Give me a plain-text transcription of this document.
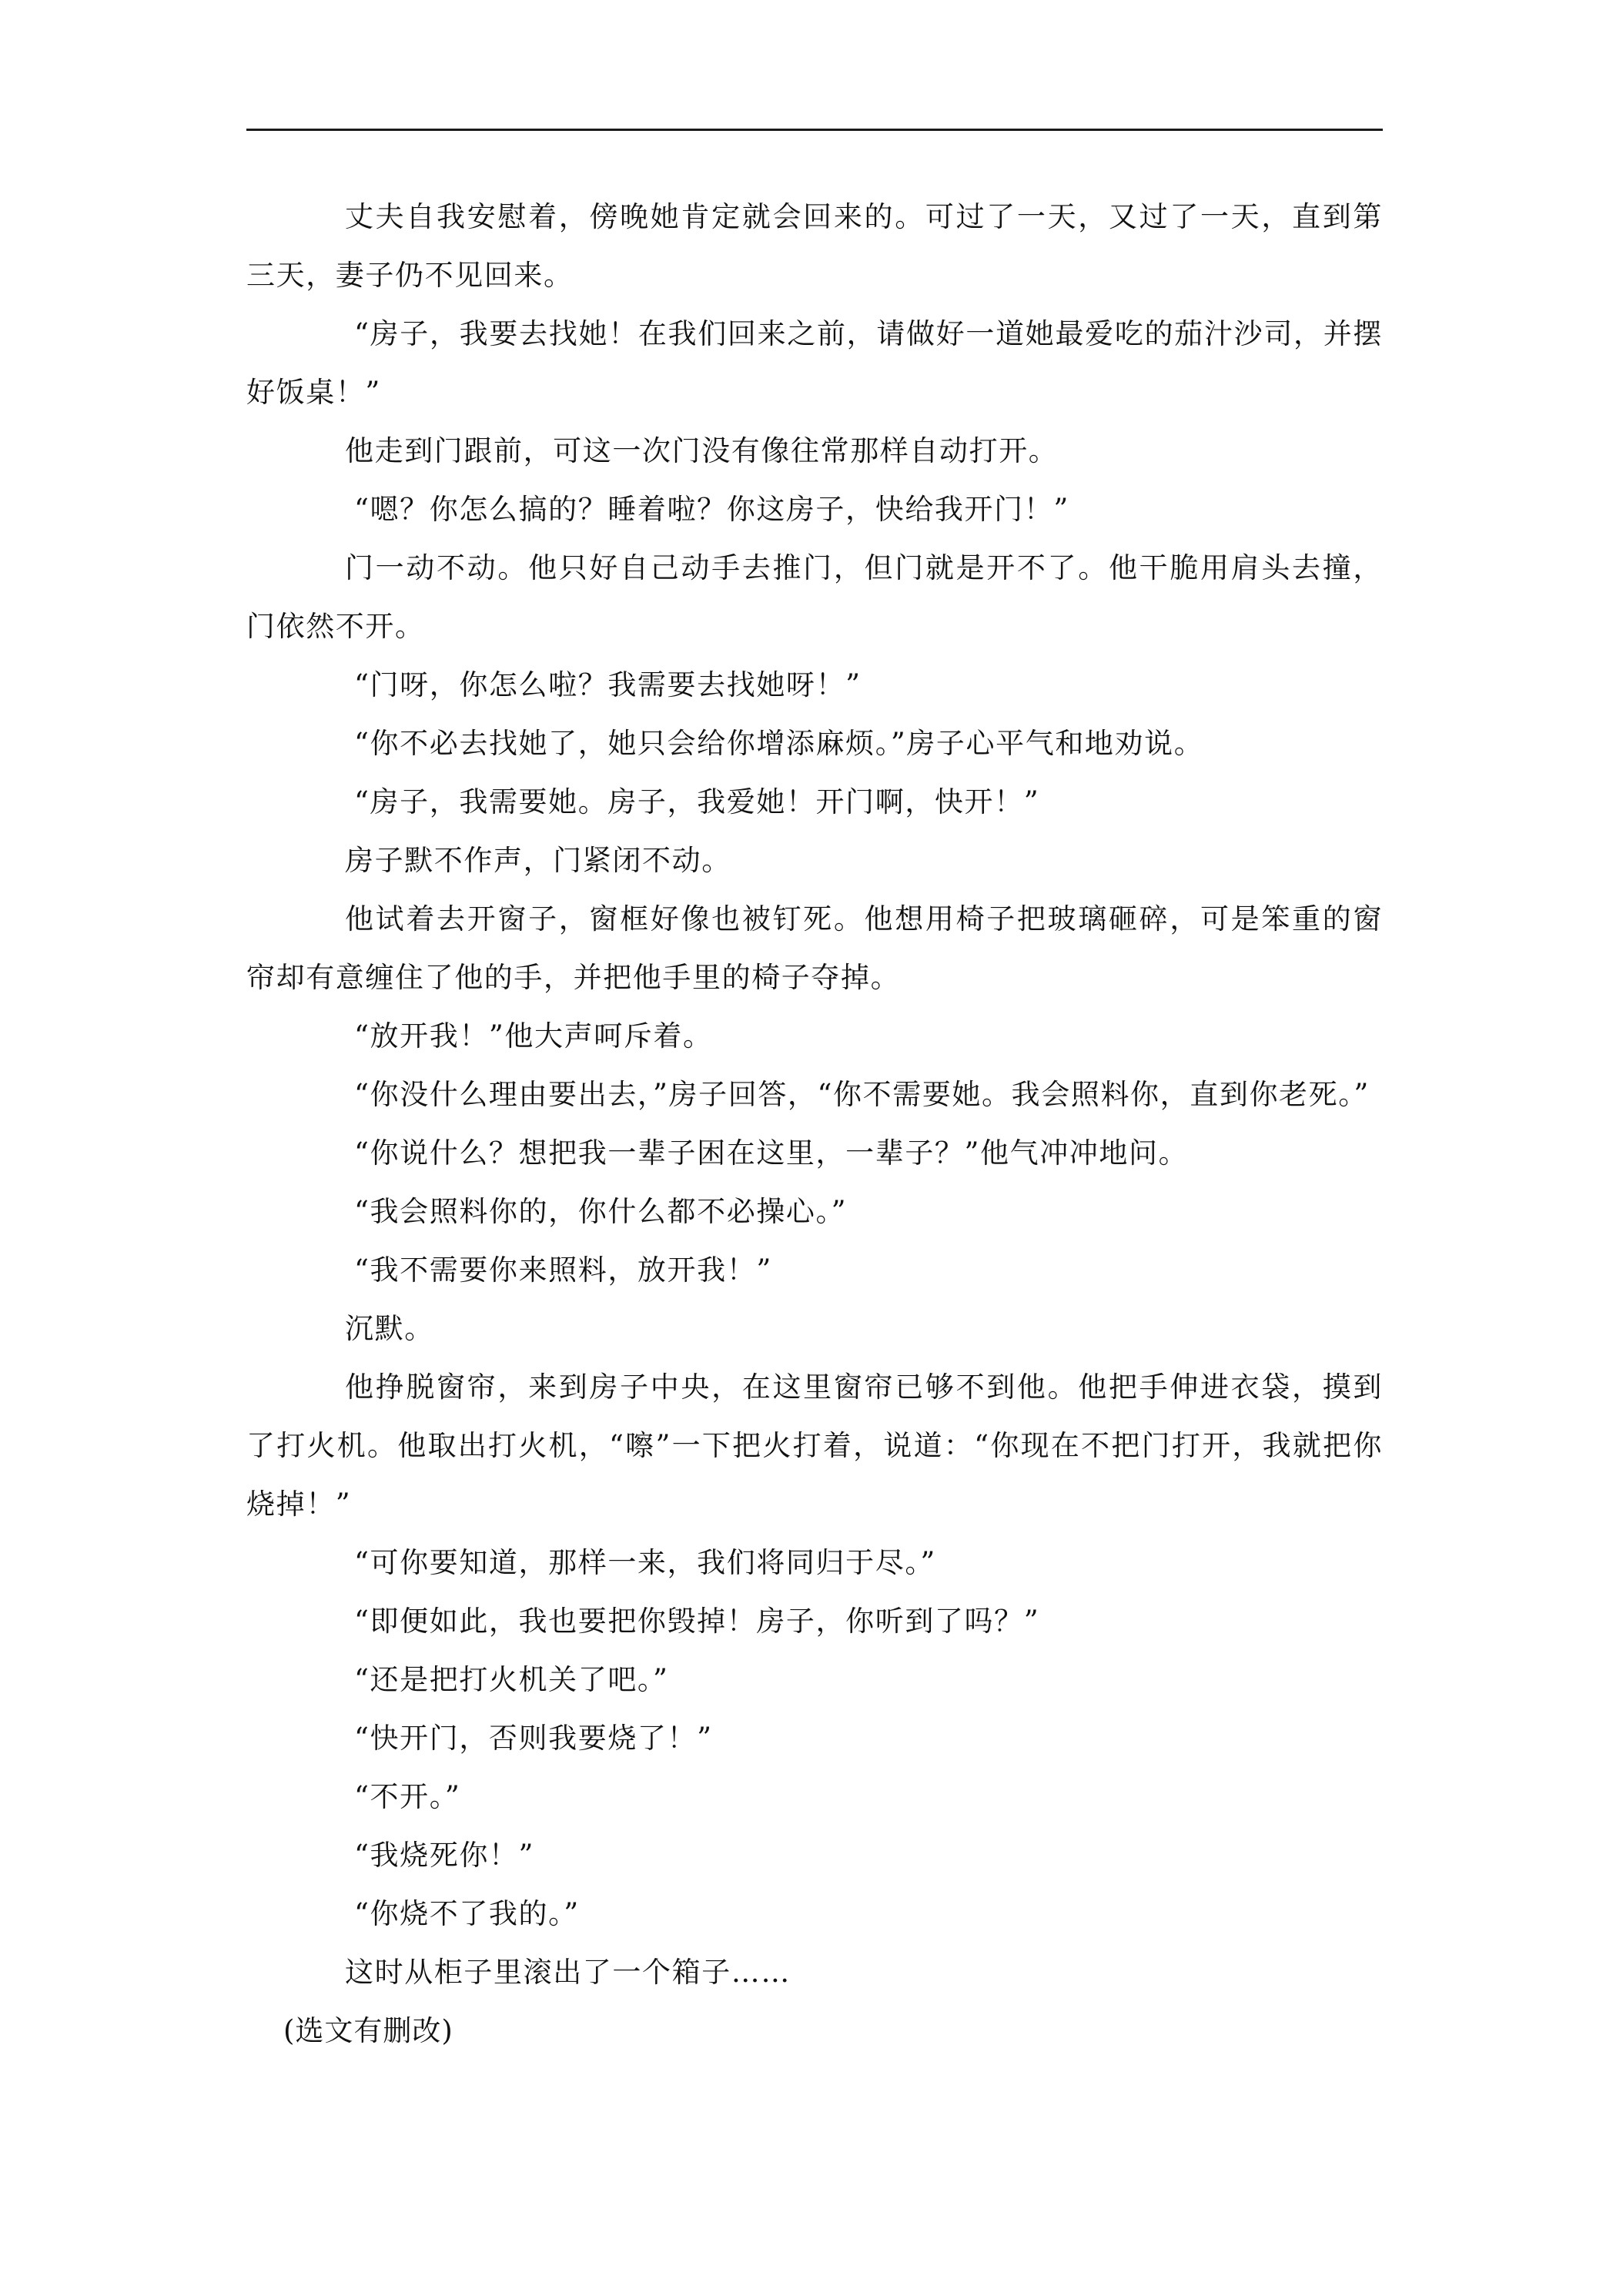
丈夫自我安慰着，傍晚她肯定就会回来的。可过了一天，又过了一天，直到第三天，妻子仍不见回来。

“房子，我要去找她！在我们回来之前，请做好一道她最爱吃的茄汁沙司，并摆好饭桌！”

他走到门跟前，可这一次门没有像往常那样自动打开。

“嗯？你怎么搞的？睡着啦？你这房子，快给我开门！”

门一动不动。他只好自己动手去推门，但门就是开不了。他干脆用肩头去撞，门依然不开。

“门呀，你怎么啦？我需要去找她呀！”

“你不必去找她了，她只会给你增添麻烦。”房子心平气和地劝说。

“房子，我需要她。房子，我爱她！开门啊，快开！”

房子默不作声，门紧闭不动。

他试着去开窗子，窗框好像也被钉死。他想用椅子把玻璃砸碎，可是笨重的窗帘却有意缠住了他的手，并把他手里的椅子夺掉。

“放开我！”他大声呵斥着。

“你没什么理由要出去，”房子回答，“你不需要她。我会照料你，直到你老死。”

“你说什么？想把我一辈子困在这里，一辈子？”他气冲冲地问。

“我会照料你的，你什么都不必操心。”

“我不需要你来照料，放开我！”

沉默。

他挣脱窗帘，来到房子中央，在这里窗帘已够不到他。他把手伸进衣袋，摸到了打火机。他取出打火机，“嚓”一下把火打着，说道：“你现在不把门打开，我就把你烧掉！”

“可你要知道，那样一来，我们将同归于尽。”

“即便如此，我也要把你毁掉！房子，你听到了吗？”

“还是把打火机关了吧。”

“快开门，否则我要烧了！”

“不开。”

“我烧死你！”

“你烧不了我的。”

这时从柜子里滚出了一个箱子……

(选文有删改)
